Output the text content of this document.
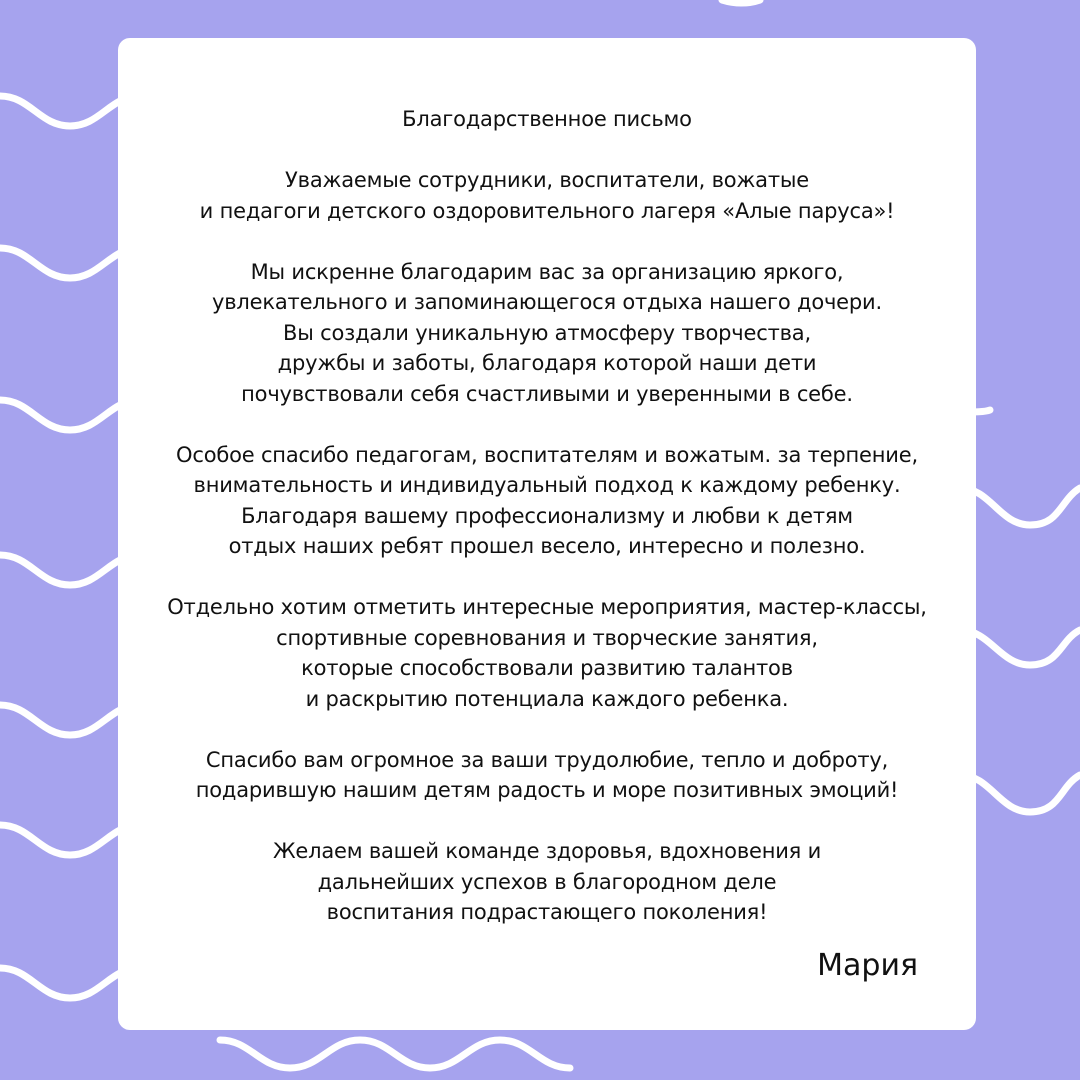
Благодарственное письмо

Уважаемые сотрудники, воспитатели, вожатые
и педагоги детского оздоровительного лагеря «Алые паруса»!

Мы искренне благодарим вас за организацию яркого,
увлекательного и запоминающегося отдыха нашего дочери.
Вы создали уникальную атмосферу творчества,
дружбы и заботы, благодаря которой наши дети
почувствовали себя счастливыми и уверенными в себе.

Особое спасибо педагогам, воспитателям и вожатым. за терпение,
внимательность и индивидуальный подход к каждому ребенку.
Благодаря вашему профессионализму и любви к детям
отдых наших ребят прошел весело, интересно и полезно.

Отдельно хотим отметить интересные мероприятия, мастер-классы,
спортивные соревнования и творческие занятия,
которые способствовали развитию талантов
и раскрытию потенциала каждого ребенка.

Спасибо вам огромное за ваши трудолюбие, тепло и доброту,
подарившую нашим детям радость и море позитивных эмоций!

Желаем вашей команде здоровья, вдохновения и
дальнейших успехов в благородном деле
воспитания подрастающего поколения!

Мария
